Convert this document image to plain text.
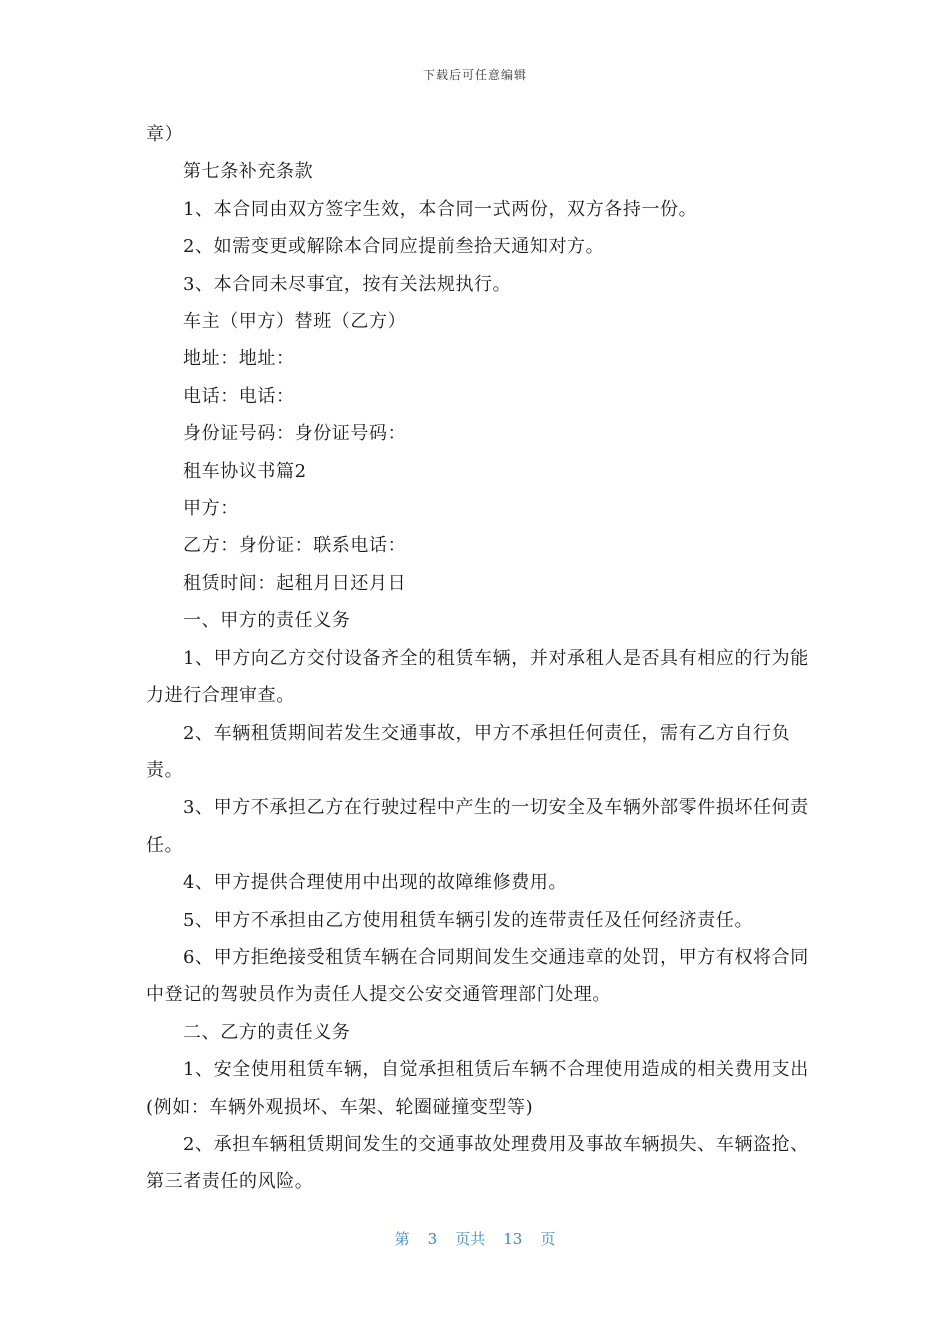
下载后可任意编辑

章）

第七条补充条款

1、本合同由双方签字生效，本合同一式两份，双方各持一份。

2、如需变更或解除本合同应提前叁拾天通知对方。

3、本合同未尽事宜，按有关法规执行。

车主（甲方）替班（乙方）

地址：地址：

电话：电话：

身份证号码：身份证号码：

租车协议书篇2

甲方：

乙方：身份证：联系电话：

租赁时间：起租月日还月日

一、甲方的责任义务

1、甲方向乙方交付设备齐全的租赁车辆，并对承租人是否具有相应的行为能力进行合理审查。

2、车辆租赁期间若发生交通事故，甲方不承担任何责任，需有乙方自行负责。

3、甲方不承担乙方在行驶过程中产生的一切安全及车辆外部零件损坏任何责任。

4、甲方提供合理使用中出现的故障维修费用。

5、甲方不承担由乙方使用租赁车辆引发的连带责任及任何经济责任。

6、甲方拒绝接受租赁车辆在合同期间发生交通违章的处罚，甲方有权将合同中登记的驾驶员作为责任人提交公安交通管理部门处理。

二、乙方的责任义务

1、安全使用租赁车辆，自觉承担租赁后车辆不合理使用造成的相关费用支出(例如：车辆外观损坏、车架、轮圈碰撞变型等)

2、承担车辆租赁期间发生的交通事故处理费用及事故车辆损失、车辆盗抢、第三者责任的风险。

第 3 页共 13 页
